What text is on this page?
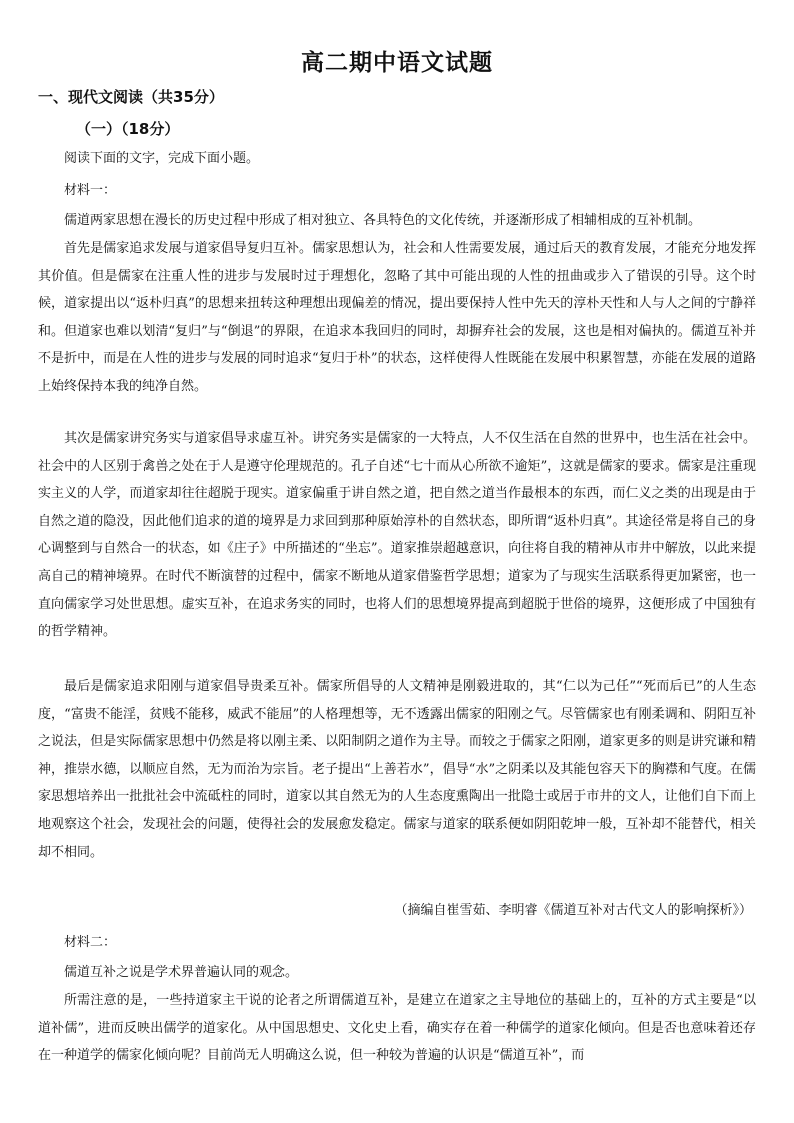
高二期中语文试题
一、现代文阅读（共35分）
（一）（18分）
阅读下面的文字，完成下面小题。
材料一：
儒道两家思想在漫长的历史过程中形成了相对独立、各具特色的文化传统，并逐渐形成了相辅相成的互补机制。
首先是儒家追求发展与道家倡导复归互补。儒家思想认为，社会和人性需要发展，通过后天的教育发展，才能充分地发挥其价值。但是儒家在注重人性的进步与发展时过于理想化，忽略了其中可能出现的人性的扭曲或步入了错误的引导。这个时候，道家提出以“返朴归真”的思想来扭转这种理想出现偏差的情况，提出要保持人性中先天的淳朴天性和人与人之间的宁静祥和。但道家也难以划清“复归”与“倒退”的界限，在追求本我回归的同时，却摒弃社会的发展，这也是相对偏执的。儒道互补并不是折中，而是在人性的进步与发展的同时追求“复归于朴”的状态，这样使得人性既能在发展中积累智慧，亦能在发展的道路上始终保持本我的纯净自然。
其次是儒家讲究务实与道家倡导求虚互补。讲究务实是儒家的一大特点，人不仅生活在自然的世界中，也生活在社会中。社会中的人区别于禽兽之处在于人是遵守伦理规范的。孔子自述“七十而从心所欲不逾矩”，这就是儒家的要求。儒家是注重现实主义的人学，而道家却往往超脱于现实。道家偏重于讲自然之道，把自然之道当作最根本的东西，而仁义之类的出现是由于自然之道的隐没，因此他们追求的道的境界是力求回到那种原始淳朴的自然状态，即所谓“返朴归真”。其途径常是将自己的身心调整到与自然合一的状态，如《庄子》中所描述的“坐忘”。道家推崇超越意识，向往将自我的精神从市井中解放，以此来提高自己的精神境界。在时代不断演替的过程中，儒家不断地从道家借鉴哲学思想；道家为了与现实生活联系得更加紧密，也一直向儒家学习处世思想。虚实互补，在追求务实的同时，也将人们的思想境界提高到超脱于世俗的境界，这便形成了中国独有的哲学精神。
最后是儒家追求阳刚与道家倡导贵柔互补。儒家所倡导的人文精神是刚毅进取的，其“仁以为己任”“死而后已”的人生态度，“富贵不能淫，贫贱不能移，威武不能屈”的人格理想等，无不透露出儒家的阳刚之气。尽管儒家也有刚柔调和、阴阳互补之说法，但是实际儒家思想中仍然是将以刚主柔、以阳制阴之道作为主导。而较之于儒家之阳刚，道家更多的则是讲究谦和精神，推崇水德，以顺应自然，无为而治为宗旨。老子提出“上善若水”，倡导“水”之阴柔以及其能包容天下的胸襟和气度。在儒家思想培养出一批批社会中流砥柱的同时，道家以其自然无为的人生态度熏陶出一批隐士或居于市井的文人，让他们自下而上地观察这个社会，发现社会的问题，使得社会的发展愈发稳定。儒家与道家的联系便如阴阳乾坤一般，互补却不能替代，相关却不相同。
（摘编自崔雪茹、李明睿《儒道互补对古代文人的影响探析》）
材料二：
儒道互补之说是学术界普遍认同的观念。
所需注意的是，一些持道家主干说的论者之所谓儒道互补，是建立在道家之主导地位的基础上的，互补的方式主要是“以道补儒”，进而反映出儒学的道家化。从中国思想史、文化史上看，确实存在着一种儒学的道家化倾向。但是否也意味着还存在一种道学的儒家化倾向呢？目前尚无人明确这么说，但一种较为普遍的认识是“儒道互补”，而
